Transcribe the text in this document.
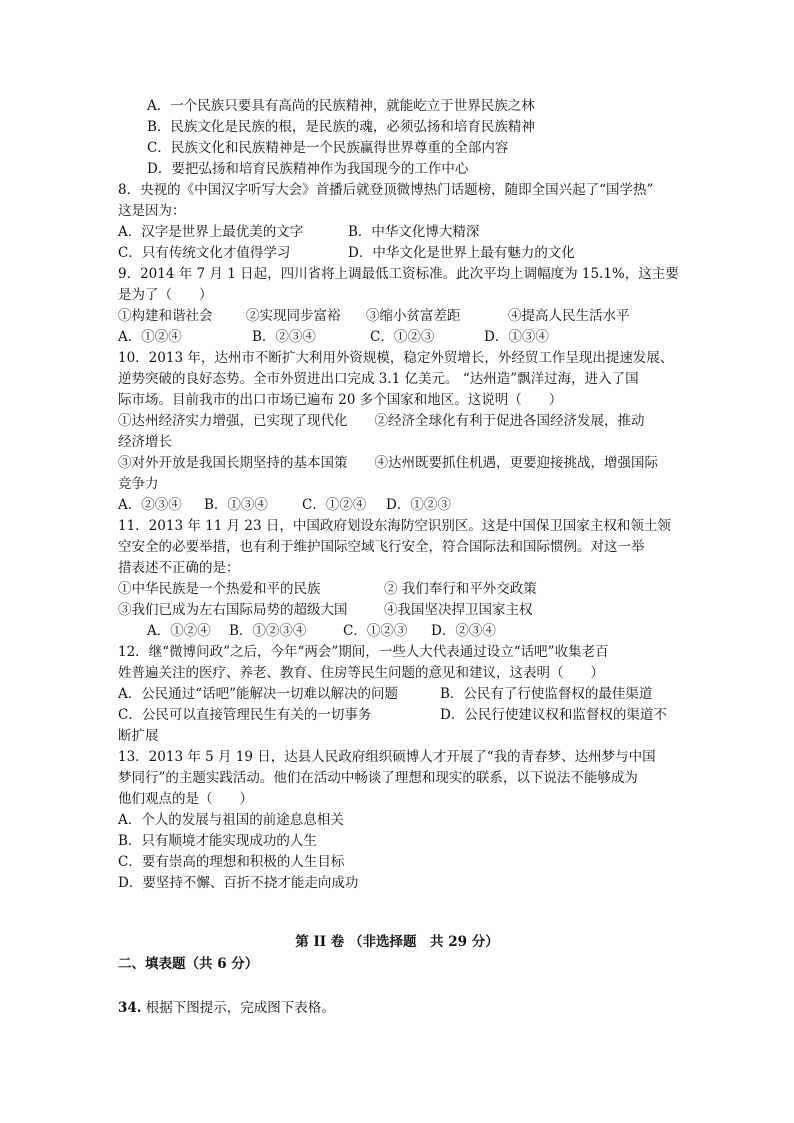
A．一个民族只要具有高尚的民族精神，就能屹立于世界民族之林
B．民族文化是民族的根，是民族的魂，必须弘扬和培育民族精神
C．民族文化和民族精神是一个民族赢得世界尊重的全部内容
D．要把弘扬和培育民族精神作为我国现今的工作中心
8．央视的《中国汉字听写大会》首播后就登顶微博热门话题榜，随即全国兴起了“国学热”
这是因为：
A．汉字是世界上最优美的文字	B．中华文化博大精深
C．只有传统文化才值得学习	D．中华文化是世界上最有魅力的文化
9．2014 年 7 月 1 日起，四川省将上调最低工资标准。此次平均上调幅度为 15.1%，这主要
是为了（　　）
①构建和谐社会 ②实现同步富裕 ③缩小贫富差距	④提高人民生活水平
A．①②④	B．②③④	C．①②③	D．①③④
10．2013 年，达州市不断扩大利用外资规模，稳定外贸增长，外经贸工作呈现出提速发展、
逆势突破的良好态势。全市外贸进出口完成 3.1 亿美元。 “达州造”飘洋过海，进入了国
际市场。目前我市的出口市场已遍布 20 多个国家和地区。这说明（　　）
①达州经济实力增强，已实现了现代化　　②经济全球化有利于促进各国经济发展，推动
经济增长
③对外开放是我国长期坚持的基本国策　　④达州既要抓住机遇，更要迎接挑战，增强国际
竞争力
A．②③④ B．①③④	C．①②④ D．①②③
11．2013 年 11 月 23 日，中国政府划设东海防空识别区。这是中国保卫国家主权和领土领
空安全的必要举措，也有利于维护国际空域飞行安全，符合国际法和国际惯例。对这一举
措表述不正确的是：
①中华民族是一个热爱和平的民族	② 我们奉行和平外交政策
③我们已成为左右国际局势的超级大国	④我国坚决捍卫国家主权
A．①②④ B．①②③④	C．①②③ D．②③④
12．继“微博问政”之后，今年“两会”期间，一些人大代表通过设立“话吧”收集老百
姓普遍关注的医疗、养老、教育、住房等民生问题的意见和建议，这表明（　　）
A．公民通过“话吧”能解决一切难以解决的问题	B．公民有了行使监督权的最佳渠道
C．公民可以直接管理民生有关的一切事务	D．公民行使建议权和监督权的渠道不
断扩展
13．2013 年 5 月 19 日，达县人民政府组织硕博人才开展了“我的青春梦、达州梦与中国
梦同行”的主题实践活动。他们在活动中畅谈了理想和现实的联系，以下说法不能够成为
他们观点的是（　　）
A．个人的发展与祖国的前途息息相关
B．只有顺境才能实现成功的人生
C．要有崇高的理想和积极的人生目标
D．要坚持不懈、百折不挠才能走向成功
第 II 卷 （非选择题　共 29 分）
二、填表题（共 6 分）
34. 根据下图提示，完成图下表格。
